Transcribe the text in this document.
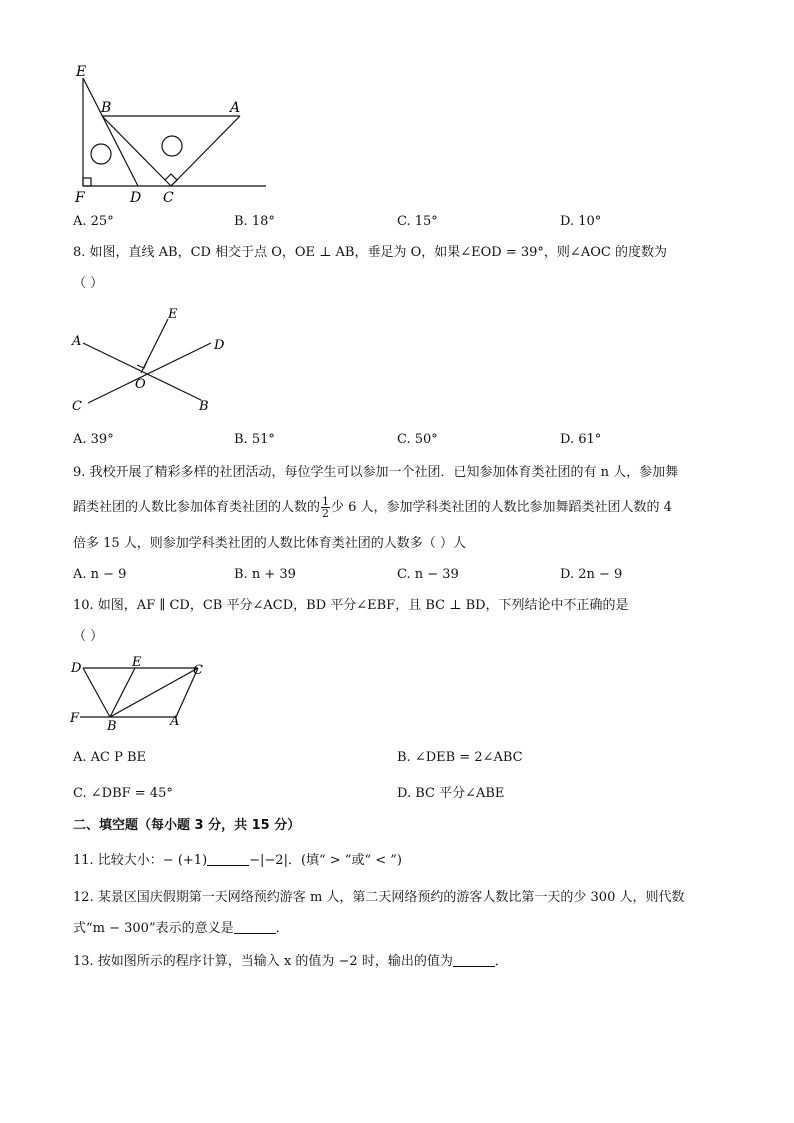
E
B	A
F	D C
A. 25°	B. 18°	C. 15°	D. 10°
8. 如图，直线 AB，CD 相交于点 O，OE ⊥ AB，垂足为 O，如果∠EOD = 39°，则∠AOC 的度数为
（ ）
E
A	D
O
C	B
A. 39°	B. 51°	C. 50°	D. 61°
9. 我校开展了精彩多样的社团活动，每位学生可以参加一个社团．已知参加体育类社团的有 n 人，参加舞
蹈类社团的人数比参加体育类社团的人数的 $\frac{1}{2}$ 少 6 人，参加学科类社团的人数比参加舞蹈类社团人数的 4
倍多 15 人，则参加学科类社团的人数比体育类社团的人数多（ ）人
A. n − 9	B. n + 39	C. n − 39	D. 2n − 9
10. 如图，AF ∥ CD，CB 平分∠ACD，BD 平分∠EBF，且 BC ⊥ BD，下列结论中不正确的是
（ ）
D	E
C
F
B	A
A. AC P BE	B. ∠DEB = 2∠ABC
C. ∠DBF = 45°	D. BC 平分∠ABE
二、填空题（每小题 3 分，共 15 分）
11. 比较大小：− (+1)	−|−2|．(填“ > ”或“ < ”)
12. 某景区国庆假期第一天网络预约游客 m 人，第二天网络预约的游客人数比第一天的少 300 人，则代数
式“m − 300”表示的意义是	．
13. 按如图所示的程序计算，当输入 x 的值为 −2 时，输出的值为	．
